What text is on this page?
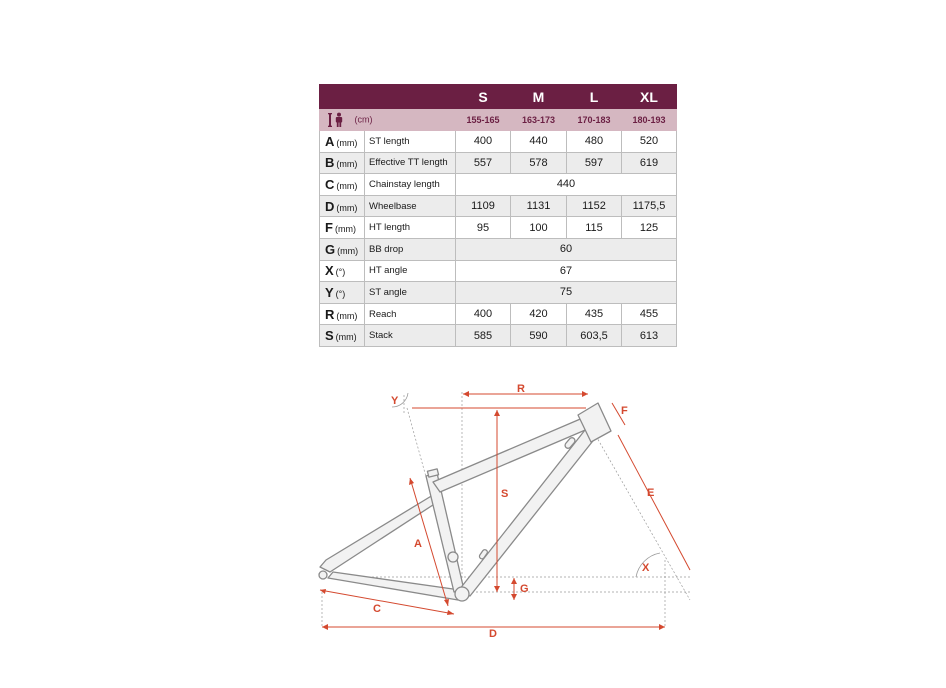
		S	M	L	XL
(cm)		155-165	163-173	170-183	180-193
A (mm)	ST length	400	440	480	520
B (mm)	Effective TT length	557	578	597	619
C (mm)	Chainstay length	440			
D (mm)	Wheelbase	1109	1131	1152	1175,5
F (mm)	HT length	95	100	115	125
G (mm)	BB drop	60			
X (°)	HT angle	67			
Y (°)	ST angle	75			
R (mm)	Reach	400	420	435	455
S (mm)	Stack	585	590	603,5	613
Y
R
F
S	E
A
G
X
C
D
